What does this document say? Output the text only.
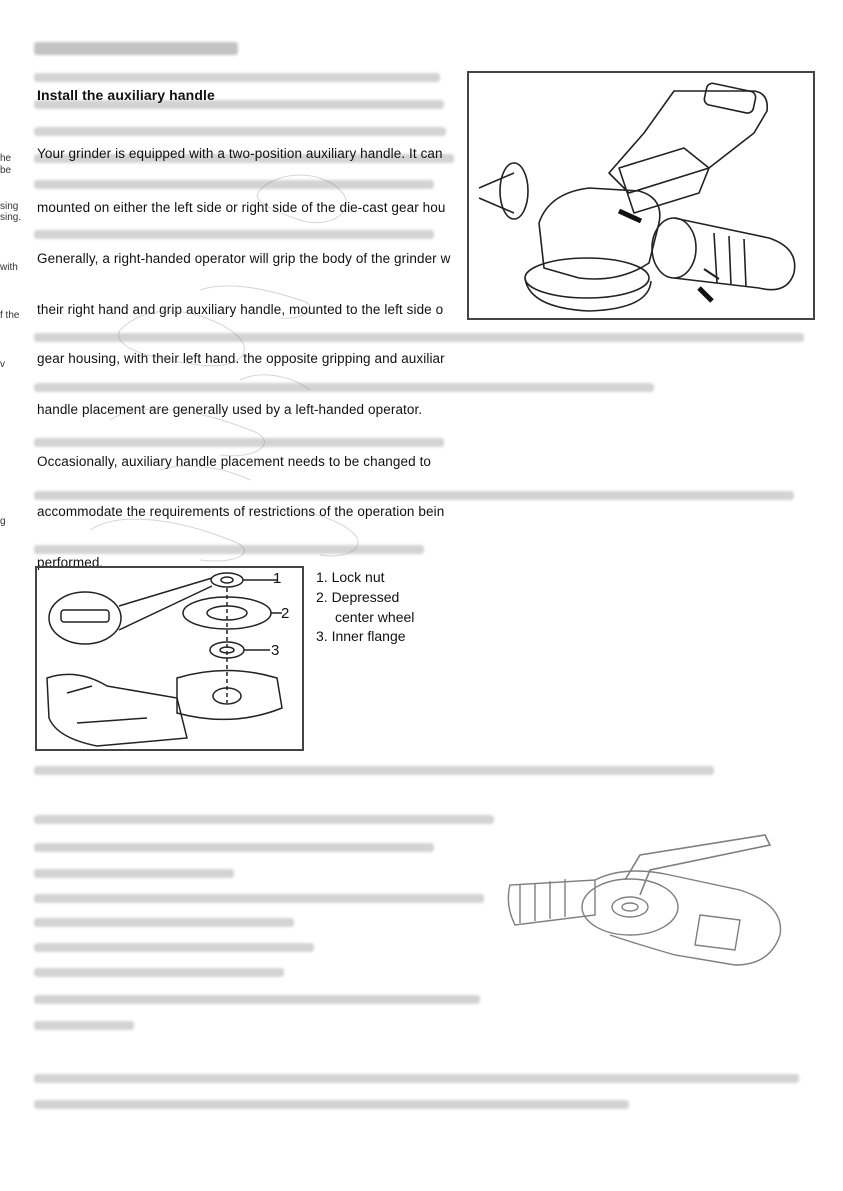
he
be
sing
sing.
with
f the
v
g
Install the auxiliary handle
Your grinder is equipped with a two-position auxiliary handle. It can
mounted on either the left side or right side of the die-cast gear hou
Generally, a right-handed operator will grip the body of the grinder w
their right hand and grip auxiliary handle, mounted to the left side o
gear housing, with their left hand. the opposite gripping and auxiliar
handle placement are generally used by a left-handed operator.
Occasionally, auxiliary handle placement needs to be changed to
accommodate the requirements of restrictions of the operation bein
performed.
1
2
3
1. Lock nut
2. Depressed
center wheel
3. Inner flange
